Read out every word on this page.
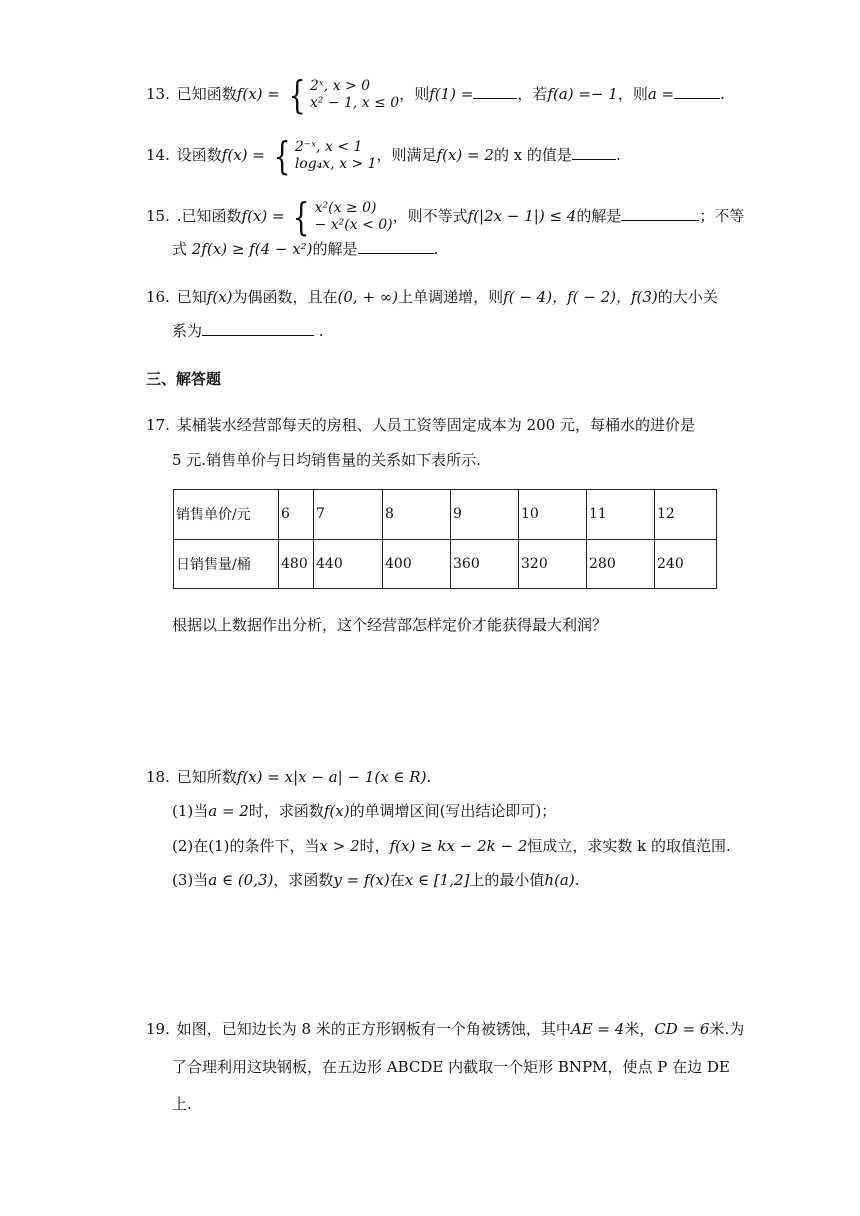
13. 已知函数f(x) = { 2ˣ, x > 0
x² − 1, x ≤ 0 ，则f(1) =	，若f(a) =− 1，则a =	.
14. 设函数f(x) = { 2⁻ˣ, x < 1
log₄x, x > 1 ，则满足f(x) = 2的 x 的值是	.
15. .已知函数f(x) = { x²(x ≥ 0)
− x²(x < 0) ，则不等式f(|2x − 1|) ≤ 4的解是	；不等
式 2f(x) ≥ f(4 − x²)的解是	.
16. 已知f(x)为偶函数，且在(0, + ∞)上单调递增，则f( − 4)，f( − 2)，f(3)的大小关
系为	.
三、解答题
17. 某桶装水经营部每天的房租、人员工资等固定成本为 200 元，每桶水的进价是
5 元.销售单价与日均销售量的关系如下表所示.
销售单价/元	6	7	8	9	10	11	12
日销售量/桶	480	440	400	360	320	280	240
根据以上数据作出分析，这个经营部怎样定价才能获得最大利润？
18. 已知所数f(x) = x|x − a| − 1(x ∈ R).
(1)当a = 2时，求函数f(x)的单调增区间(写出结论即可)；
(2)在(1)的条件下，当x > 2时，f(x) ≥ kx − 2k − 2恒成立，求实数 k 的取值范围.
(3)当a ∈ (0,3)，求函数y = f(x)在x ∈ [1,2]上的最小值h(a).
19. 如图，已知边长为 8 米的正方形钢板有一个角被锈蚀，其中AE = 4米，CD = 6米.为
了合理利用这块钢板，在五边形 ABCDE 内截取一个矩形 BNPM，使点 P 在边 DE
上.
